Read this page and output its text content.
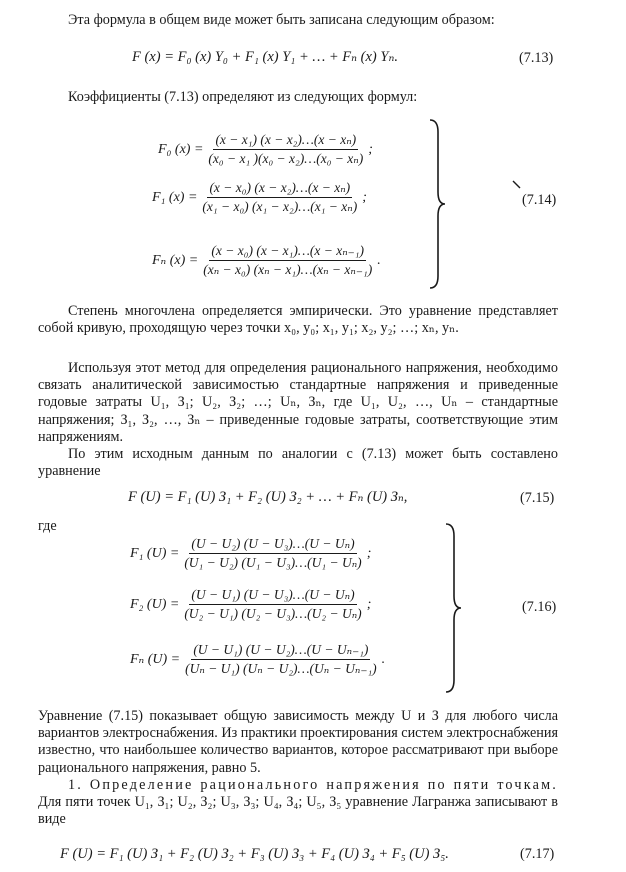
Эта формула в общем виде может быть записана следующим образом:
F (x) = F₀ (x) Y₀ + F₁ (x) Y₁ + … + Fₙ (x) Yₙ.	(7.13)
Коэффициенты (7.13) определяют из следующих формул:
F₀ $(x) = \frac{\text{(x − x₁) (x − x₂)…(x − xₙ)}}{\text{(x₀ − x₁ )(x₀ − x₂)…(x₀ − xₙ)}}$ ;
F₁ $(x) = \frac{\text{(x − x₀) (x − x₂)…(x − xₙ)}}{\text{(x₁ − x₀) (x₁ − x₂)…(x₁ − xₙ)}}$ ;
Fₙ $(x) = \frac{\text{(x − x₀) (x − x₁)…(x − xₙ₋₁)}}{\text{(xₙ − x₀) (xₙ − x₁)…(xₙ − xₙ₋₁)}}$ .
(7.14)
Степень многочлена определяется эмпирически. Это уравнение представляет собой кривую, проходящую через точки x₀, y₀; x₁, y₁; x₂, y₂; …; xₙ, yₙ.
Используя этот метод для определения рационального напряжения, необходимо связать аналитической зависимостью стандартные напряжения и приведенные годовые затраты U₁, З₁; U₂, З₂; …; Uₙ, Зₙ, где U₁, U₂, …, Uₙ – стандартные напряжения; З₁, З₂, …, Зₙ – приведенные годовые затраты, соответствующие этим напряжениям.
По этим исходным данным по аналогии с (7.13) может быть составлено уравнение
F (U) = F₁ (U) З₁ + F₂ (U) З₂ + … + Fₙ (U) Зₙ,	(7.15)
где
F₁ $(U) = \frac{\text{(U − U₂) (U − U₃)…(U − Uₙ)}}{\text{(U₁ − U₂) (U₁ − U₃)…(U₁ − Uₙ)}}$ ;
F₂ $(U) = \frac{\text{(U − U₁) (U − U₃)…(U − Uₙ)}}{\text{(U₂ − U₁) (U₂ − U₃)…(U₂ − Uₙ)}}$ ;
Fₙ $(U) = \frac{\text{(U − U₁) (U − U₂)…(U − Uₙ₋₁)}}{\text{(Uₙ − U₁) (Uₙ − U₂)…(Uₙ − Uₙ₋₁)}}$ .
(7.16)
Уравнение (7.15) показывает общую зависимость между U и З для любого числа вариантов электроснабжения. Из практики проектирования систем электроснабжения известно, что наибольшее количество вариантов, которое рассматривают при выборе рационального напряжения, равно 5.
1. Определение рационального напряжения по пяти точкам. Для пяти точек U₁, З₁; U₂, З₂; U₃, З₃; U₄, З₄; U₅, З₅ уравнение Лагранжа записывают в виде
F (U) = F₁ (U) З₁ + F₂ (U) З₂ + F₃ (U) З₃ + F₄ (U) З₄ + F₅ (U) З₅.	(7.17)
